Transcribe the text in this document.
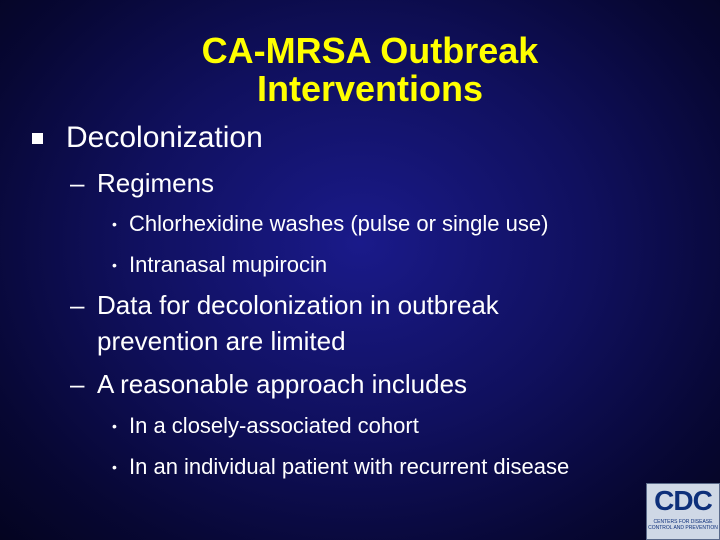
CA-MRSA Outbreak
Interventions
Decolonization
– Regimens
• Chlorhexidine washes (pulse or single use)
• Intranasal mupirocin
– Data for decolonization in outbreak
prevention are limited
– A reasonable approach includes
• In a closely-associated cohort
• In an individual patient with recurrent disease
CDC
CENTERS FOR DISEASE
CONTROL AND PREVENTION
